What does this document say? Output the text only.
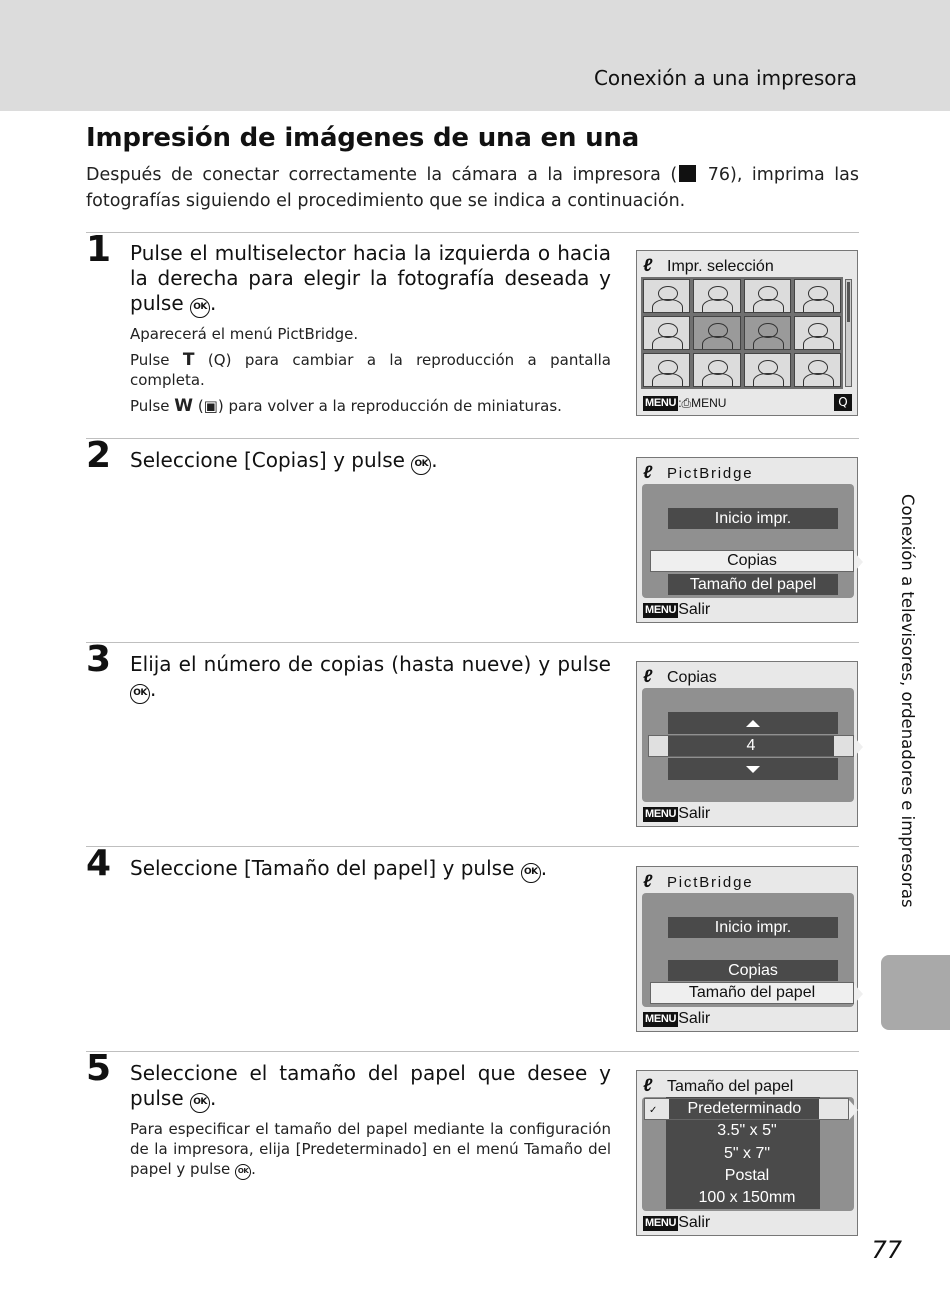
Conexión a una impresora
Impresión de imágenes de una en una

Después de conectar correctamente la cámara a la impresora ( 76), imprima las fotografías siguiendo el procedimiento que se indica a continuación.

1 Pulse el multiselector hacia la izquierda o hacia la derecha para elegir la fotografía deseada y pulse OK .

Aparecerá el menú PictBridge.

Pulse T (Q) para cambiar a la reproducción a pantalla completa.

Pulse W (▣) para volver a la reproducción de miniaturas.

ℓ Impr. selección
MENU :⎙MENU	Q
2 Seleccione [Copias] y pulse OK .	ℓ PictBridge
Inicio impr.
Copias
Tamaño del papel
MENU Salir
3 Elija el número de copias (hasta nueve) y pulse OK .
ℓ Copias
4
MENU Salir
4 Seleccione [Tamaño del papel] y pulse OK .
ℓ PictBridge
Inicio impr.
Copias
Tamaño del papel
MENU Salir
5 Seleccione el tamaño del papel que desee y pulse OK .

Para especificar el tamaño del papel mediante la configuración de la impresora, elija [Predeterminado] en el menú Tamaño del papel y pulse OK .

ℓ Tamaño del papel
✓ Predeterminado
3.5" x 5"
5" x 7"
Postal
100 x 150mm
MENU Salir
Conexión a televisores, ordenadores e impresoras
77
